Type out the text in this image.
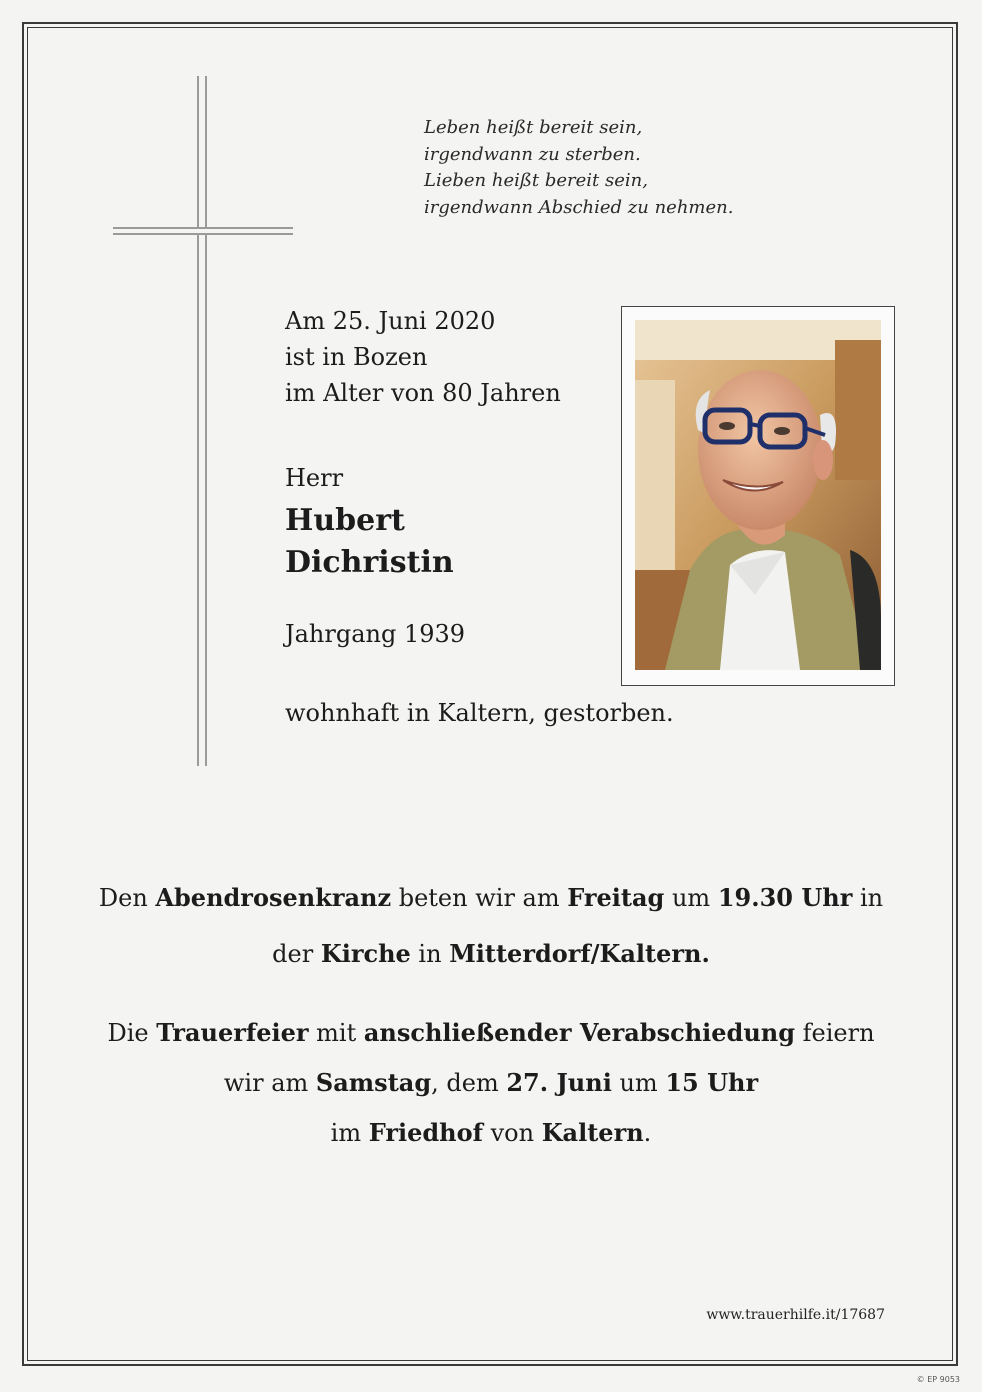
Leben heißt bereit sein,
irgendwann zu sterben.
Lieben heißt bereit sein,
irgendwann Abschied zu nehmen.
Am 25. Juni 2020
ist in Bozen
im Alter von 80 Jahren
Herr
Hubert
Dichristin
Jahrgang 1939
wohnhaft in Kaltern, gestorben.
Den Abendrosenkranz beten wir am Freitag um 19.30 Uhr in
der Kirche in Mitterdorf/Kaltern.
Die Trauerfeier mit anschließender Verabschiedung feiern
wir am Samstag, dem 27. Juni um 15 Uhr
im Friedhof von Kaltern.
www.trauerhilfe.it/17687
© EP 9053
